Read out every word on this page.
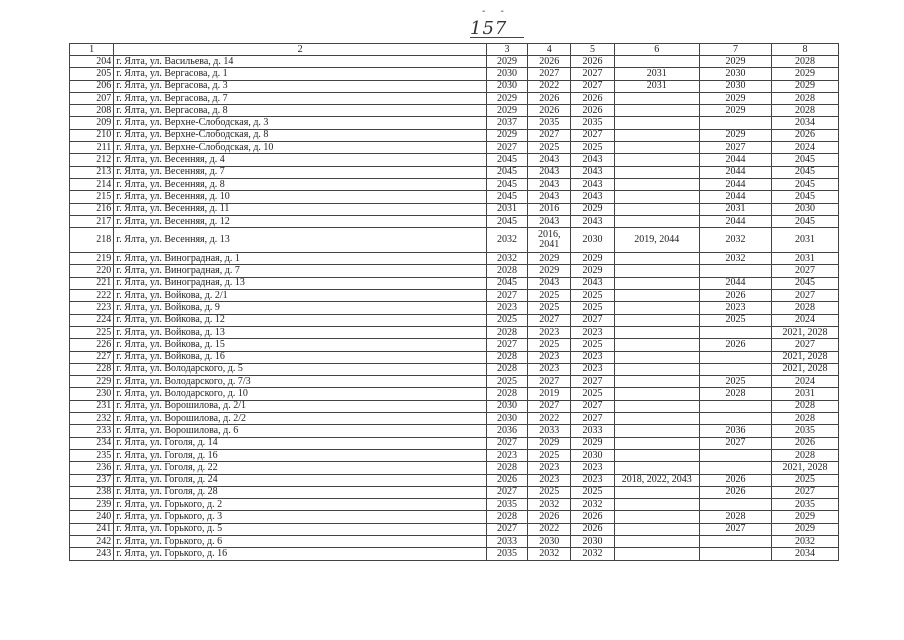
- -
157
1	2	3	4	5	6	7	8
204	г. Ялта, ул. Васильева, д. 14	2029	2026	2026		2029	2028
205	г. Ялта, ул. Вергасова, д. 1	2030	2027	2027	2031	2030	2029
206	г. Ялта, ул. Вергасова, д. 3	2030	2022	2027	2031	2030	2029
207	г. Ялта, ул. Вергасова, д. 7	2029	2026	2026		2029	2028
208	г. Ялта, ул. Вергасова, д. 8	2029	2026	2026		2029	2028
209	г. Ялта, ул. Верхне-Слободская, д. 3	2037	2035	2035			2034
210	г. Ялта, ул. Верхне-Слободская, д. 8	2029	2027	2027		2029	2026
211	г. Ялта, ул. Верхне-Слободская, д. 10	2027	2025	2025		2027	2024
212	г. Ялта, ул. Весенняя, д. 4	2045	2043	2043		2044	2045
213	г. Ялта, ул. Весенняя, д. 7	2045	2043	2043		2044	2045
214	г. Ялта, ул. Весенняя, д. 8	2045	2043	2043		2044	2045
215	г. Ялта, ул. Весенняя, д. 10	2045	2043	2043		2044	2045
216	г. Ялта, ул. Весенняя, д. 11	2031	2016	2029		2031	2030
217	г. Ялта, ул. Весенняя, д. 12	2045	2043	2043		2044	2045
218	г. Ялта, ул. Весенняя, д. 13	2032	2016, 2041	2030	2019, 2044	2032	2031
219	г. Ялта, ул. Виноградная, д. 1	2032	2029	2029		2032	2031
220	г. Ялта, ул. Виноградная, д. 7	2028	2029	2029			2027
221	г. Ялта, ул. Виноградная, д. 13	2045	2043	2043		2044	2045
222	г. Ялта, ул. Войкова, д. 2/1	2027	2025	2025		2026	2027
223	г. Ялта, ул. Войкова, д. 9	2023	2025	2025		2023	2028
224	г. Ялта, ул. Войкова, д. 12	2025	2027	2027		2025	2024
225	г. Ялта, ул. Войкова, д. 13	2028	2023	2023			2021, 2028
226	г. Ялта, ул. Войкова, д. 15	2027	2025	2025		2026	2027
227	г. Ялта, ул. Войкова, д. 16	2028	2023	2023			2021, 2028
228	г. Ялта, ул. Володарского, д. 5	2028	2023	2023			2021, 2028
229	г. Ялта, ул. Володарского, д. 7/3	2025	2027	2027		2025	2024
230	г. Ялта, ул. Володарского, д. 10	2028	2019	2025		2028	2031
231	г. Ялта, ул. Ворошилова, д. 2/1	2030	2027	2027			2028
232	г. Ялта, ул. Ворошилова, д. 2/2	2030	2022	2027			2028
233	г. Ялта, ул. Ворошилова, д. 6	2036	2033	2033		2036	2035
234	г. Ялта, ул. Гоголя, д. 14	2027	2029	2029		2027	2026
235	г. Ялта, ул. Гоголя, д. 16	2023	2025	2030			2028
236	г. Ялта, ул. Гоголя, д. 22	2028	2023	2023			2021, 2028
237	г. Ялта, ул. Гоголя, д. 24	2026	2023	2023	2018, 2022, 2043	2026	2025
238	г. Ялта, ул. Гоголя, д. 28	2027	2025	2025		2026	2027
239	г. Ялта, ул. Горького, д. 2	2035	2032	2032			2035
240	г. Ялта, ул. Горького, д. 3	2028	2026	2026		2028	2029
241	г. Ялта, ул. Горького, д. 5	2027	2022	2026		2027	2029
242	г. Ялта, ул. Горького, д. 6	2033	2030	2030			2032
243	г. Ялта, ул. Горького, д. 16	2035	2032	2032			2034
